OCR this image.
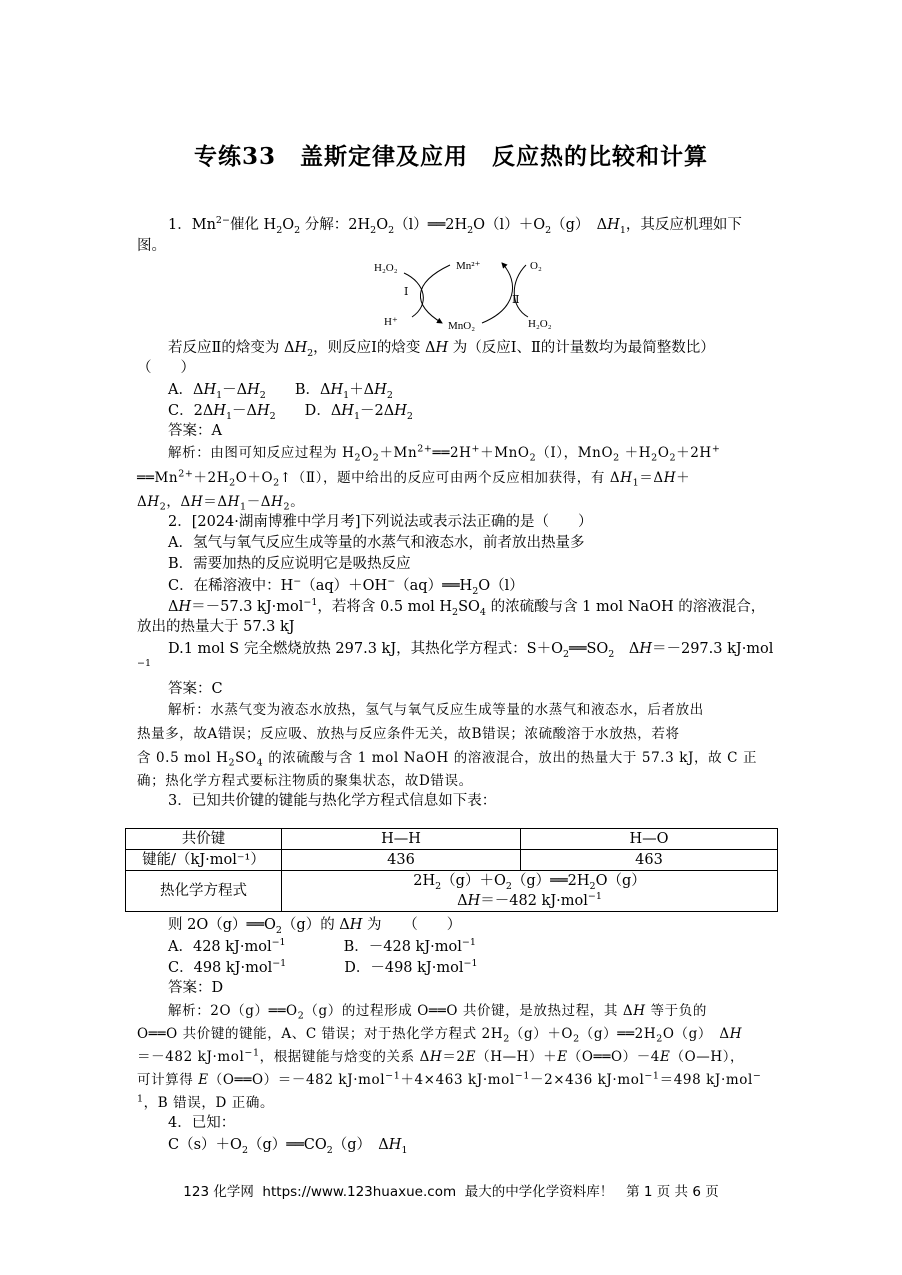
专练33　盖斯定律及应用　反应热的比较和计算
1．$Mn^{2-}$催化 $H_2O_2$ 分解：$2H_2O_2(l)══2H_2O(l)+O_2(g)$　$\Delta H_1$，其反应机理如下
图。
H₂O₂	Mn²⁺	O₂
Ⅰ
Ⅱ
H⁺	MnO₂	H₂O₂
若反应Ⅱ的焓变为 $\Delta H_2$，则反应Ⅰ的焓变 ΔH 为（反应Ⅰ、Ⅱ的计量数均为最简整数比）
（　　）
A．$\Delta H_1-\Delta H_2$　　B．$\Delta H_1+\Delta H_2$
C．$2\Delta H_1-\Delta H_2$　　D．$\Delta H_1-2\Delta H_2$
答案：A
解析：由图可知反应过程为 $H_2O_2+Mn^{2+}══2H^++MnO_2(Ⅰ)$，$MnO_2 +H_2O_2+2H^+$
$══Mn^{2+}+2H_2O+O_2↑(Ⅱ)$，题中给出的反应可由两个反应相加获得，有 $\Delta H_1=\Delta H+$
$\Delta H_2$，$\Delta H=\Delta H_1-\Delta H_2$。
2．[2024·湖南博雅中学月考]下列说法或表示法正确的是（　　）
A．氢气与氧气反应生成等量的水蒸气和液态水，前者放出热量多
B．需要加热的反应说明它是吸热反应
C．在稀溶液中：$H^-(aq)+OH^-(aq)══H_2O(l)$
ΔH＝－57.3 kJ·mol$^{-1}$，若将含 0.5 mol $H_2SO_4$ 的浓硫酸与含 1 mol NaOH 的溶液混合，
放出的热量大于 57.3 kJ
D.1 mol S 完全燃烧放热 297.3 kJ，其热化学方程式：$S+O_2══SO_2$　ΔH＝－297.3 kJ·mol
$^{-1}$
答案：C
解析：水蒸气变为液态水放热，氢气与氧气反应生成等量的水蒸气和液态水，后者放出
热量多，故A错误；反应吸、放热与反应条件无关，故B错误；浓硫酸溶于水放热，若将
含 0.5 mol $H_2SO_4$ 的浓硫酸与含 1 mol NaOH 的溶液混合，放出的热量大于 57.3 kJ，故 C 正
确；热化学方程式要标注物质的聚集状态，故D错误。
3．已知共价键的键能与热化学方程式信息如下表：
共价键	H—H	H—O
键能/（kJ·mol⁻¹）	436	463
热化学方程式	$2H_2(g)+O_2(g)══2H_2O(g)$
ΔH＝－482 kJ·mol$^{-1}$
则 $2O(g)══O_2(g)$的 ΔH 为　　（　　）
A．428 kJ·mol$^{-1}$　　　　B．－428 kJ·mol$^{-1}$
C．498 kJ·mol$^{-1}$　　　　D．－498 kJ·mol$^{-1}$
答案：D
解析：$2O(g)══O_2(g)$的过程形成 O══O 共价键，是放热过程，其 ΔH 等于负的
O══O 共价键的键能，A、C 错误；对于热化学方程式 $2H_2(g)+O_2(g)══2H_2O(g)$　ΔH
＝－482 kJ·mol$^{-1}$，根据键能与焓变的关系 ΔH＝2E（H—H）＋E（O══O）－4E（O—H），
可计算得 E（O══O）＝－482 kJ·mol$^{-1}$＋4×463 kJ·mol$^{-1}$－2×436 kJ·mol$^{-1}$＝498 kJ·mol−
$^1$，B 错误，D 正确。
4．已知：
$C(s)+O_2(g)══CO_2(g)$　$\Delta H_1$
123 化学网  https://www.123huaxue.com  最大的中学化学资料库！   第 1 页 共 6 页
